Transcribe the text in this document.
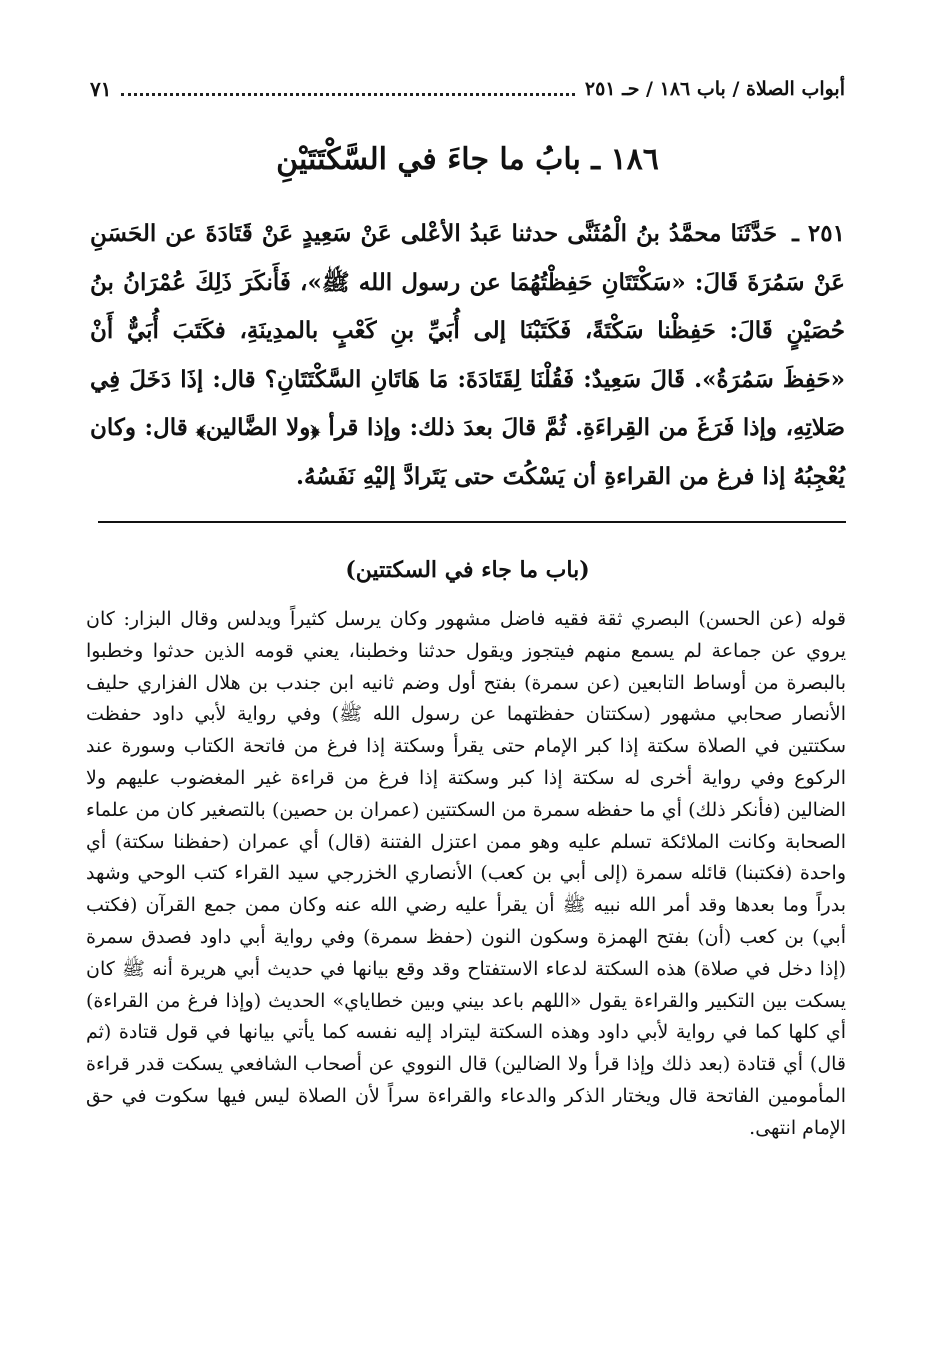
أبواب الصلاة / باب ١٨٦ / حـ ٢٥١
٧١
١٨٦ ـ بابُ ما جاءَ في السَّكْتَتَيْنِ
٢٥١ ـ حَدَّثَنَا محمَّدُ بنُ الْمُثَنَّى حدثنا عَبدُ الأعْلى عَنْ سَعِيدٍ عَنْ قَتَادَةَ عن الحَسَنِ عَنْ سَمُرَةَ قَالَ: «سَكْتَتَانِ حَفِظْتُهُمَا عن رسول الله ﷺ»، فَأَنكَرَ ذَلِكَ عُمْرَانُ بنُ حُصَيْنٍ قَالَ: حَفِظْنا سَكْتَةً، فَكَتَبْنَا إلى أُبَيِّ بنِ كَعْبٍ بالمدِينَةِ، فكَتَبَ أُبَيٌّ أَنْ «حَفِظَ سَمُرَةُ». قَالَ سَعِيدٌ: فَقُلْنَا لِقَتَادَةَ: مَا هَاتَانِ السَّكْتَتَانِ؟ قال: إذَا دَخَلَ فِي صَلاتِهِ، وإذا فَرَغَ من القِراءَةِ. ثُمَّ قالَ بعدَ ذلك: وإذا قرأ ﴿ولا الضَّالين﴾ قال: وكان يُعْجِبُهُ إذا فرغ من القراءةِ أن يَسْكُتَ حتى يَتَرادَّ إليْهِ نَفَسُهُ.
(باب ما جاء في السكتتين)
قوله (عن الحسن) البصري ثقة فقيه فاضل مشهور وكان يرسل كثيراً ويدلس وقال البزار: كان يروي عن جماعة لم يسمع منهم فيتجوز ويقول حدثنا وخطبنا، يعني قومه الذين حدثوا وخطبوا بالبصرة من أوساط التابعين (عن سمرة) بفتح أول وضم ثانيه ابن جندب بن هلال الفزاري حليف الأنصار صحابي مشهور (سكتتان حفظتهما عن رسول الله ﷺ) وفي رواية لأبي داود حفظت سكتتين في الصلاة سكتة إذا كبر الإمام حتى يقرأ وسكتة إذا فرغ من فاتحة الكتاب وسورة عند الركوع وفي رواية أخرى له سكتة إذا كبر وسكتة إذا فرغ من قراءة غير المغضوب عليهم ولا الضالين (فأنكر ذلك) أي ما حفظه سمرة من السكتتين (عمران بن حصين) بالتصغير كان من علماء الصحابة وكانت الملائكة تسلم عليه وهو ممن اعتزل الفتنة (قال) أي عمران (حفظنا سكتة) أي واحدة (فكتبنا) قائله سمرة (إلى أبي بن كعب) الأنصاري الخزرجي سيد القراء كتب الوحي وشهد بدراً وما بعدها وقد أمر الله نبيه ﷺ أن يقرأ عليه رضي الله عنه وكان ممن جمع القرآن (فكتب أبي) بن كعب (أن) بفتح الهمزة وسكون النون (حفظ سمرة) وفي رواية أبي داود فصدق سمرة (إذا دخل في صلاة) هذه السكتة لدعاء الاستفتاح وقد وقع بيانها في حديث أبي هريرة أنه ﷺ كان يسكت بين التكبير والقراءة يقول «اللهم باعد بيني وبين خطاياي» الحديث (وإذا فرغ من القراءة) أي كلها كما في رواية لأبي داود وهذه السكتة ليتراد إليه نفسه كما يأتي بيانها في قول قتادة (ثم قال) أي قتادة (بعد ذلك وإذا قرأ ولا الضالين) قال النووي عن أصحاب الشافعي يسكت قدر قراءة المأمومين الفاتحة قال ويختار الذكر والدعاء والقراءة سراً لأن الصلاة ليس فيها سكوت في حق الإمام انتهى.
